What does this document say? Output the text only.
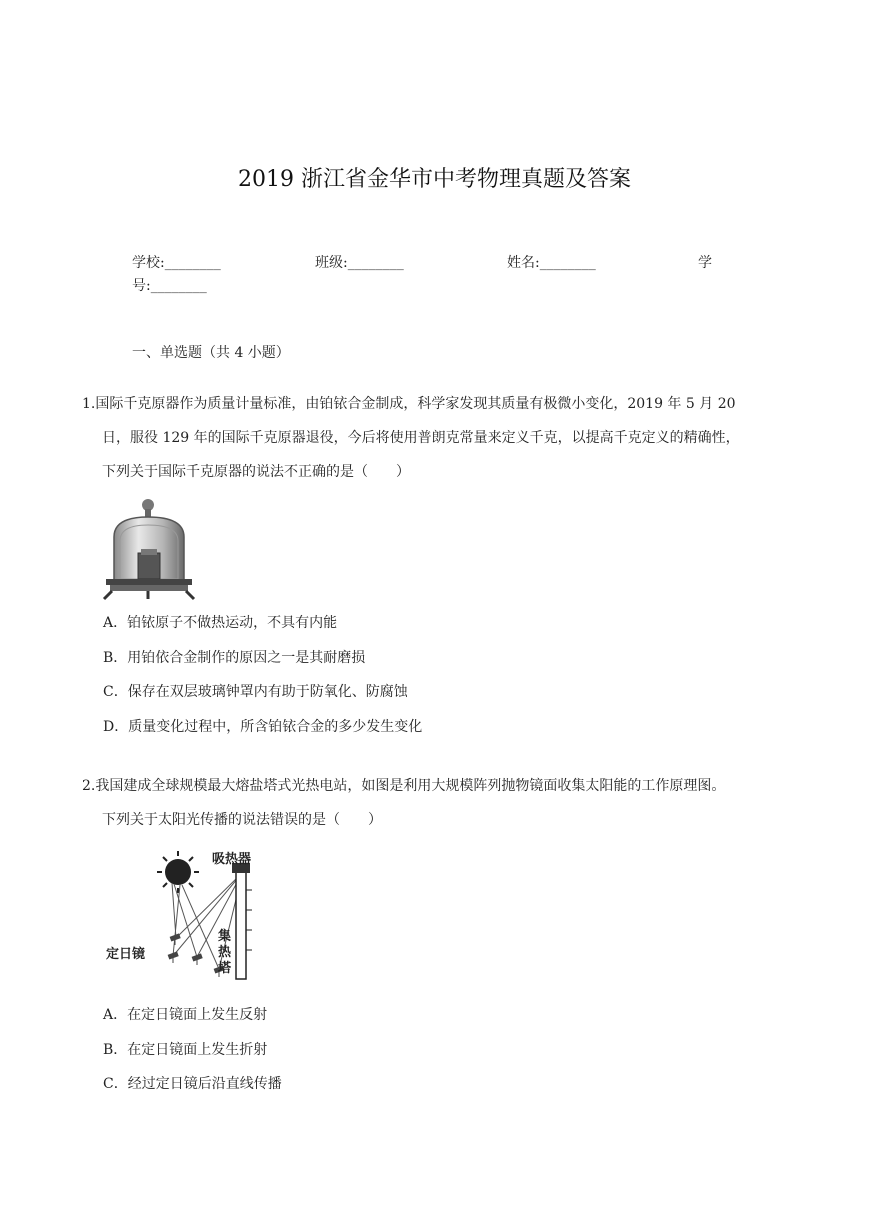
2019 浙江省金华市中考物理真题及答案
学校:________	班级:________	姓名:________	学
号:________
一、单选题（共 4 小题）
1.国际千克原器作为质量计量标准，由铂铱合金制成，科学家发现其质量有极微小变化，2019 年 5 月 20
日，服役 129 年的国际千克原器退役，今后将使用普朗克常量来定义千克，以提高千克定义的精确性，
下列关于国际千克原器的说法不正确的是（　　）
A．铂铱原子不做热运动，不具有内能
B．用铂依合金制作的原因之一是其耐磨损
C．保存在双层玻璃钟罩内有助于防氧化、防腐蚀
D．质量变化过程中，所含铂铱合金的多少发生变化
2.我国建成全球规模最大熔盐塔式光热电站，如图是利用大规模阵列抛物镜面收集太阳能的工作原理图。
下列关于太阳光传播的说法错误的是（　　）
吸热器
定日镜
集
热
塔
A．在定日镜面上发生反射
B．在定日镜面上发生折射
C．经过定日镜后沿直线传播
